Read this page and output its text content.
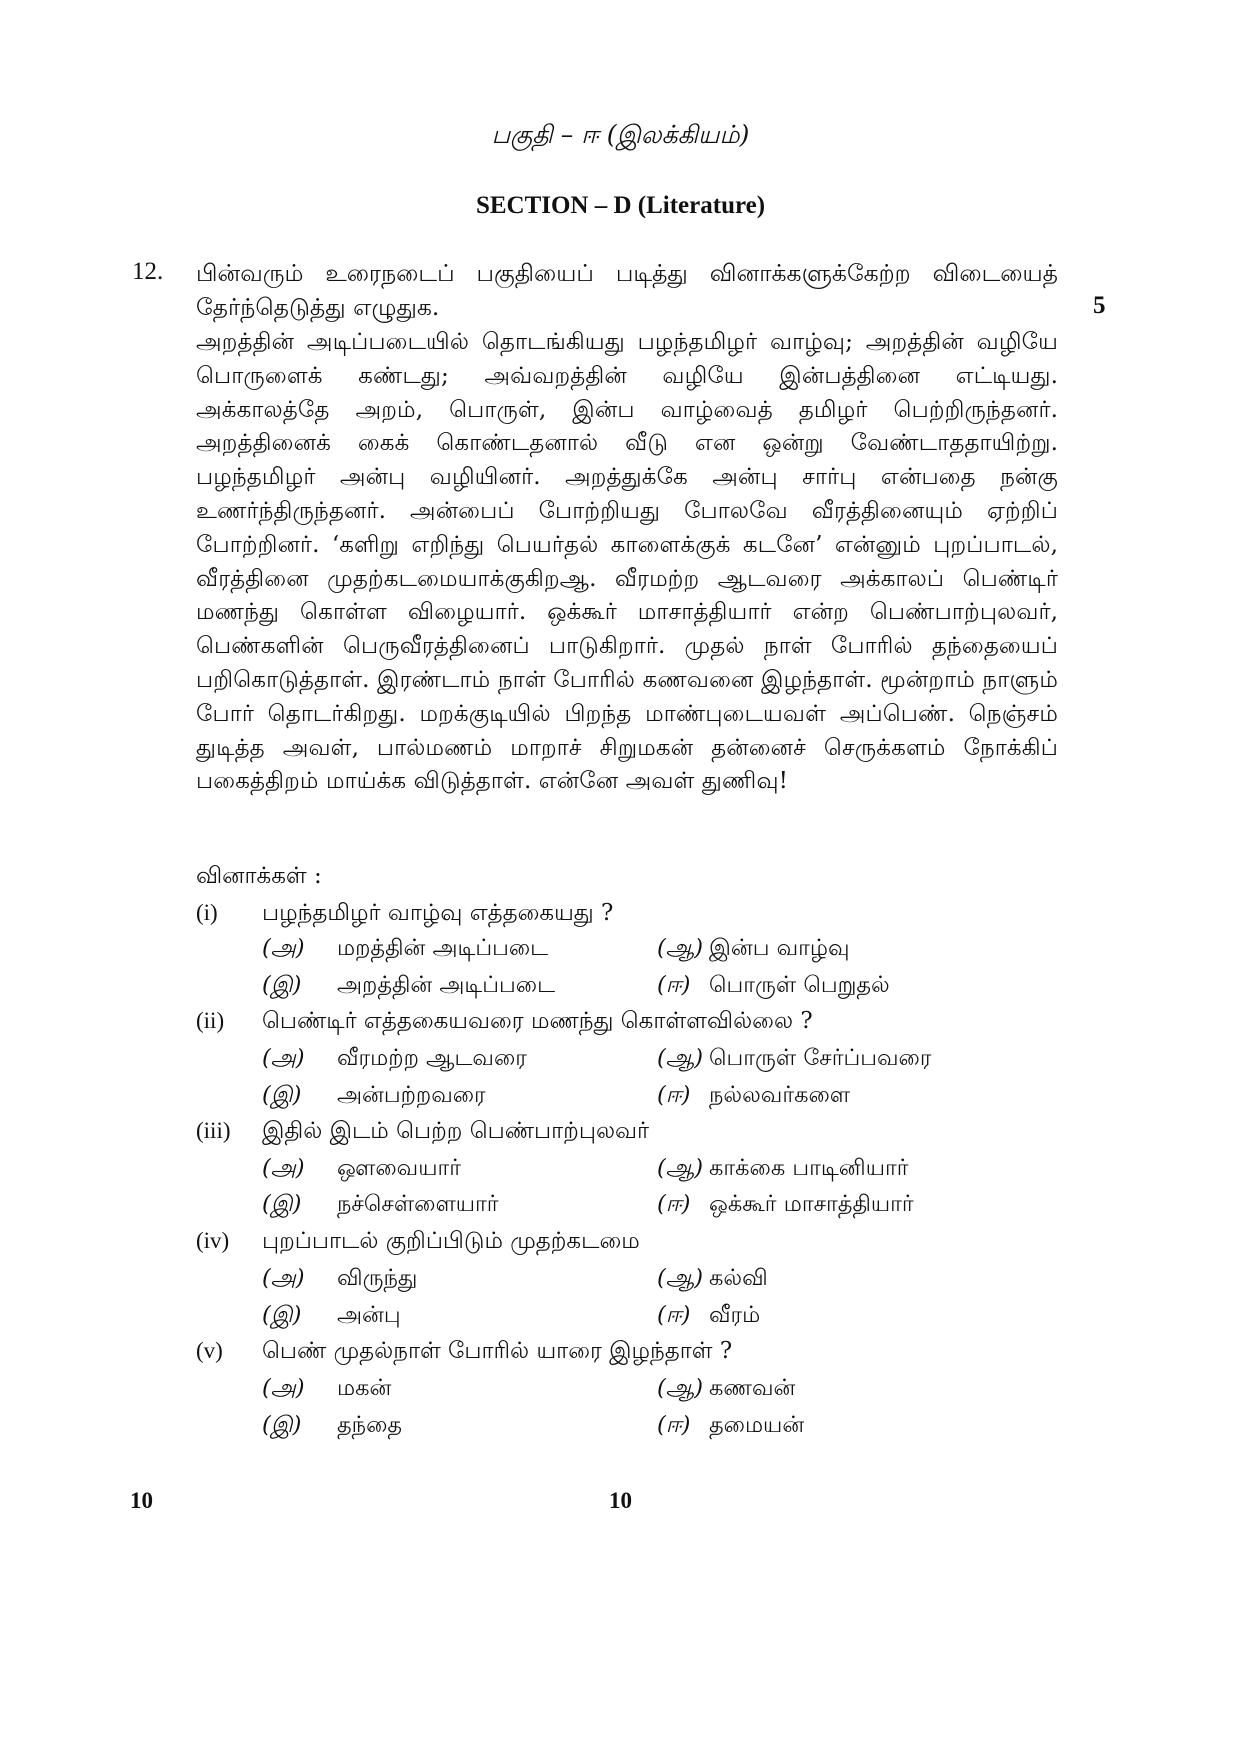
பகுதி – ஈ (இலக்கியம்)
SECTION – D (Literature)
12.
5
பின்வரும் உரைநடைப் பகுதியைப் படித்து வினாக்களுக்கேற்ற விடையைத் தேர்ந்தெடுத்து எழுதுக.
அறத்தின் அடிப்படையில் தொடங்கியது பழந்தமிழர் வாழ்வு; அறத்தின் வழியே பொருளைக் கண்டது; அவ்வறத்தின் வழியே இன்பத்தினை எட்டியது. அக்காலத்தே அறம், பொருள், இன்ப வாழ்வைத் தமிழர் பெற்றிருந்தனர். அறத்தினைக் கைக் கொண்டதனால் வீடு என ஒன்று வேண்டாததாயிற்று. பழந்தமிழர் அன்பு வழியினர். அறத்துக்கே அன்பு சார்பு என்பதை நன்கு உணர்ந்திருந்தனர். அன்பைப் போற்றியது போலவே வீரத்தினையும் ஏற்றிப் போற்றினர். ‘களிறு எறிந்து பெயர்தல் காளைக்குக் கடனே’ என்னும் புறப்பாடல், வீரத்தினை முதற்கடமையாக்குகிறஆ. வீரமற்ற ஆடவரை அக்காலப் பெண்டிர் மணந்து கொள்ள விழையார். ஒக்கூர் மாசாத்தியார் என்ற பெண்பாற்புலவர், பெண்களின் பெருவீரத்தினைப் பாடுகிறார். முதல் நாள் போரில் தந்தையைப் பறிகொடுத்தாள். இரண்டாம் நாள் போரில் கணவனை இழந்தாள். மூன்றாம் நாளும் போர் தொடர்கிறது. மறக்குடியில் பிறந்த மாண்புடையவள் அப்பெண். நெஞ்சம் துடித்த அவள், பால்மணம் மாறாச் சிறுமகன் தன்னைச் செருக்களம் நோக்கிப் பகைத்திறம் மாய்க்க விடுத்தாள். என்னே அவள் துணிவு!
வினாக்கள் :
(i) பழந்தமிழர் வாழ்வு எத்தகையது ?
(அ) மறத்தின் அடிப்படை	(ஆ) இன்ப வாழ்வு
(இ) அறத்தின் அடிப்படை	(ஈ) பொருள் பெறுதல்
(ii) பெண்டிர் எத்தகையவரை மணந்து கொள்ளவில்லை ?
(அ) வீரமற்ற ஆடவரை	(ஆ) பொருள் சேர்ப்பவரை
(இ) அன்பற்றவரை	(ஈ) நல்லவர்களை
(iii) இதில் இடம் பெற்ற பெண்பாற்புலவர்
(அ) ஔவையார்	(ஆ) காக்கை பாடினியார்
(இ) நச்செள்ளையார்	(ஈ) ஒக்கூர் மாசாத்தியார்
(iv) புறப்பாடல் குறிப்பிடும் முதற்கடமை
(அ) விருந்து	(ஆ) கல்வி
(இ) அன்பு	(ஈ) வீரம்
(v) பெண் முதல்நாள் போரில் யாரை இழந்தாள் ?
(அ) மகன்	(ஆ) கணவன்
(இ) தந்தை	(ஈ) தமையன்
10	10
